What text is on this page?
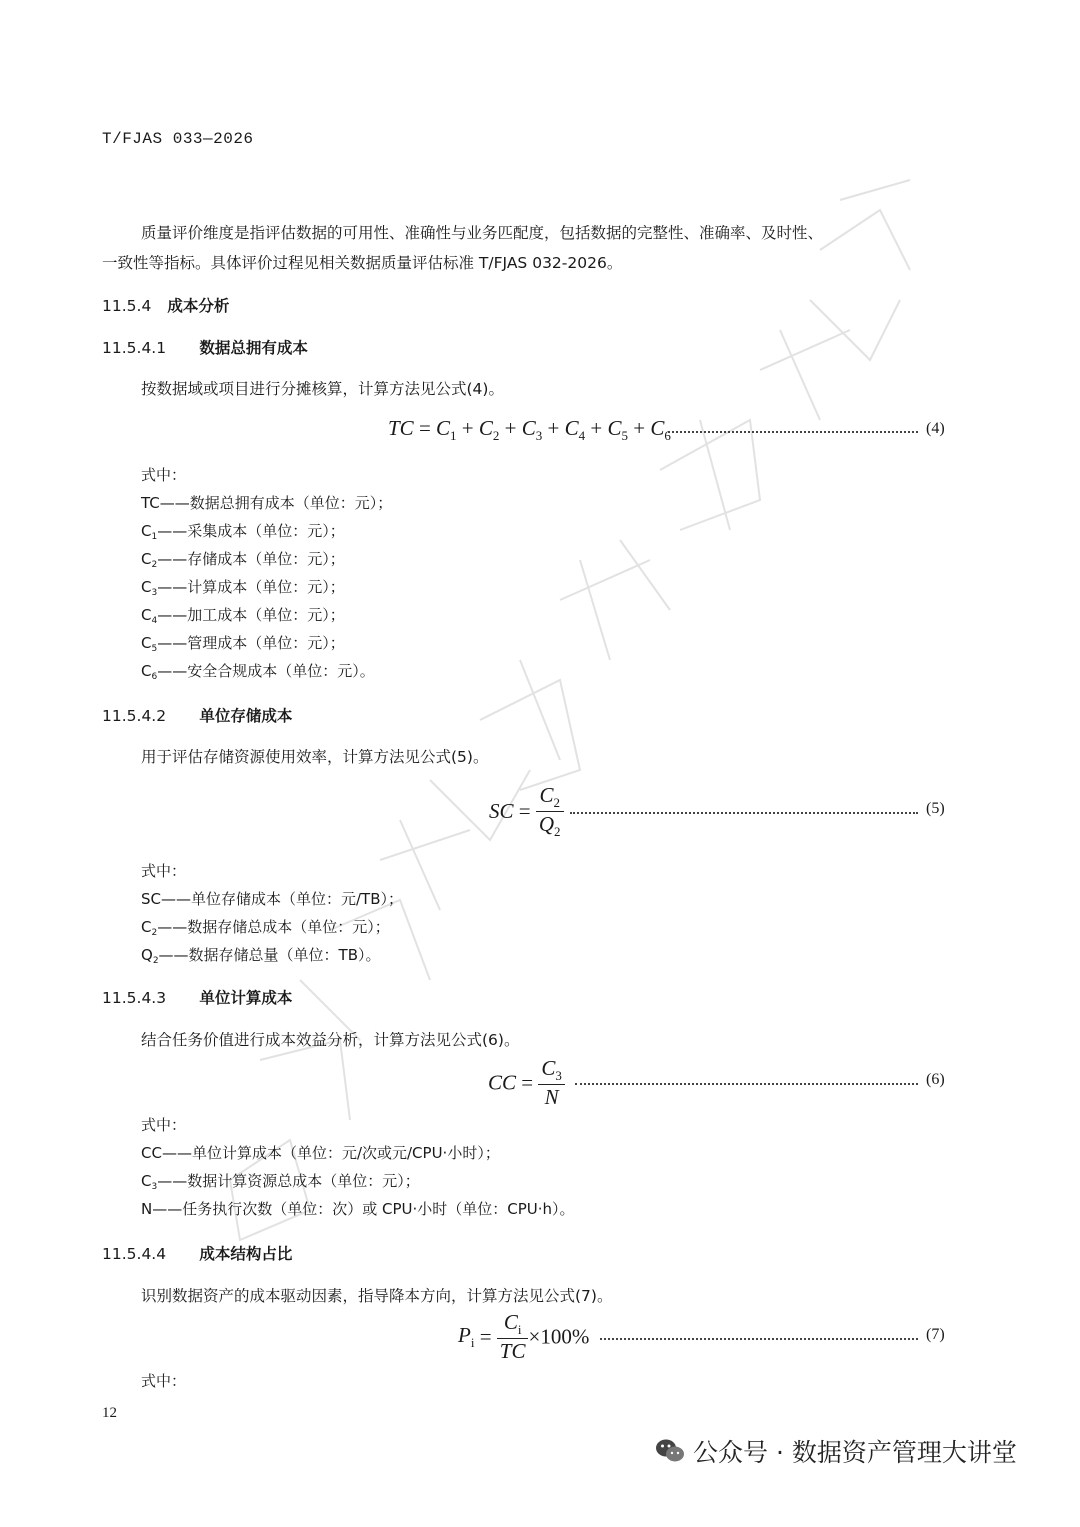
T/FJAS 033—2026
质量评价维度是指评估数据的可用性、准确性与业务匹配度，包括数据的完整性、准确率、及时性、
一致性等指标。具体评价过程见相关数据质量评估标准 T/FJAS 032-2026。
11.5.4 成本分析
11.5.4.1 数据总拥有成本
按数据域或项目进行分摊核算，计算方法见公式(4)。
TC = $C_1 + C_2 + C_3 + C_4 + C_5 + C_6$	(4)
式中：
TC——数据总拥有成本（单位：元）；
$C_1——$采集成本（单位：元）；
$C_2——$存储成本（单位：元）；
$C_3——$计算成本（单位：元）；
$C_4——$加工成本（单位：元）；
$C_5——$管理成本（单位：元）；
$C_6——$安全合规成本（单位：元）。
11.5.4.2 单位存储成本
用于评估存储资源使用效率，计算方法见公式(5)。
SC = $\frac{C_2}{Q_2}$	(5)
式中：
SC——单位存储成本（单位：元/TB）；
$C_2——$数据存储总成本（单位：元）；
$Q_2——$数据存储总量（单位：TB）。
11.5.4.3 单位计算成本
结合任务价值进行成本效益分析，计算方法见公式(6)。
CC = $\frac{C_3}{N}$	(6)
式中：
CC——单位计算成本（单位：元/次或元/CPU·小时）；
$C_3——$数据计算资源总成本（单位：元）；
N——任务执行次数（单位：次）或 CPU·小时（单位：CPU·h）。
11.5.4.4 成本结构占比
识别数据资产的成本驱动因素，指导降本方向，计算方法见公式(7)。
$P_i = \frac{C_i}{TC} \times 100\%$	(7)
式中：
12
公众号 · 数据资产管理大讲堂
